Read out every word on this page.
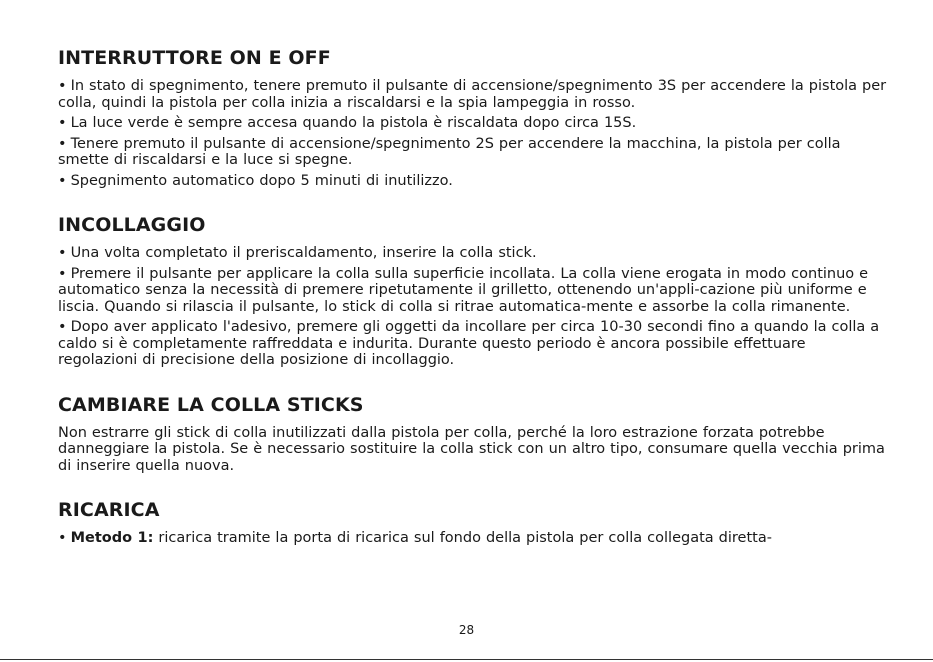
INTERRUTTORE ON E OFF

• In stato di spegnimento, tenere premuto il pulsante di accensione/spegnimento 3S per accendere la pistola per colla, quindi la pistola per colla inizia a riscaldarsi e la spia lampeggia in rosso.

• La luce verde è sempre accesa quando la pistola è riscaldata dopo circa 15S.

• Tenere premuto il pulsante di accensione/spegnimento 2S per accendere la macchina, la pistola per colla smette di riscaldarsi e la luce si spegne.

• Spegnimento automatico dopo 5 minuti di inutilizzo.

INCOLLAGGIO

• Una volta completato il preriscaldamento, inserire la colla stick.

• Premere il pulsante per applicare la colla sulla superficie incollata. La colla viene erogata in modo continuo e automatico senza la necessità di premere ripetutamente il grilletto, ottenendo un'appli-cazione più uniforme e liscia. Quando si rilascia il pulsante, lo stick di colla si ritrae automatica-mente e assorbe la colla rimanente.

• Dopo aver applicato l'adesivo, premere gli oggetti da incollare per circa 10-30 secondi fino a quando la colla a caldo si è completamente raffreddata e indurita. Durante questo periodo è ancora possibile effettuare regolazioni di precisione della posizione di incollaggio.

CAMBIARE LA COLLA STICKS

Non estrarre gli stick di colla inutilizzati dalla pistola per colla, perché la loro estrazione forzata potrebbe danneggiare la pistola. Se è necessario sostituire la colla stick con un altro tipo, consumare quella vecchia prima di inserire quella nuova.

RICARICA

• Metodo 1: ricarica tramite la porta di ricarica sul fondo della pistola per colla collegata diretta-

28
